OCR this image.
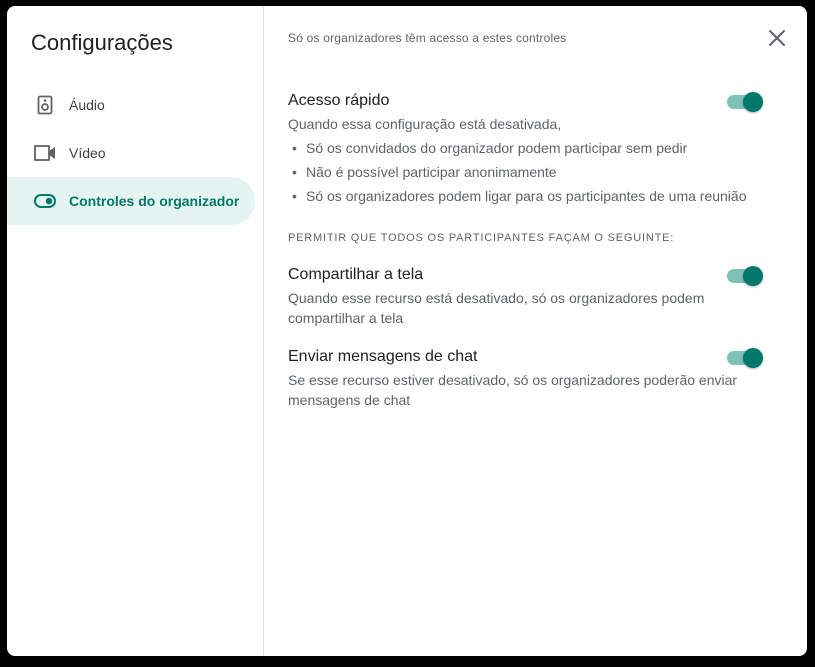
Configurações
Áudio
Vídeo
Controles do organizador
Só os organizadores têm acesso a estes controles
Acesso rápido
Quando essa configuração está desativada,
• Só os convidados do organizador podem participar sem pedir
• Não é possível participar anonimamente
• Só os organizadores podem ligar para os participantes de uma reunião
PERMITIR QUE TODOS OS PARTICIPANTES FAÇAM O SEGUINTE:
Compartilhar a tela
Quando esse recurso está desativado, só os organizadores podem compartilhar a tela
Enviar mensagens de chat
Se esse recurso estiver desativado, só os organizadores poderão enviar mensagens de chat
